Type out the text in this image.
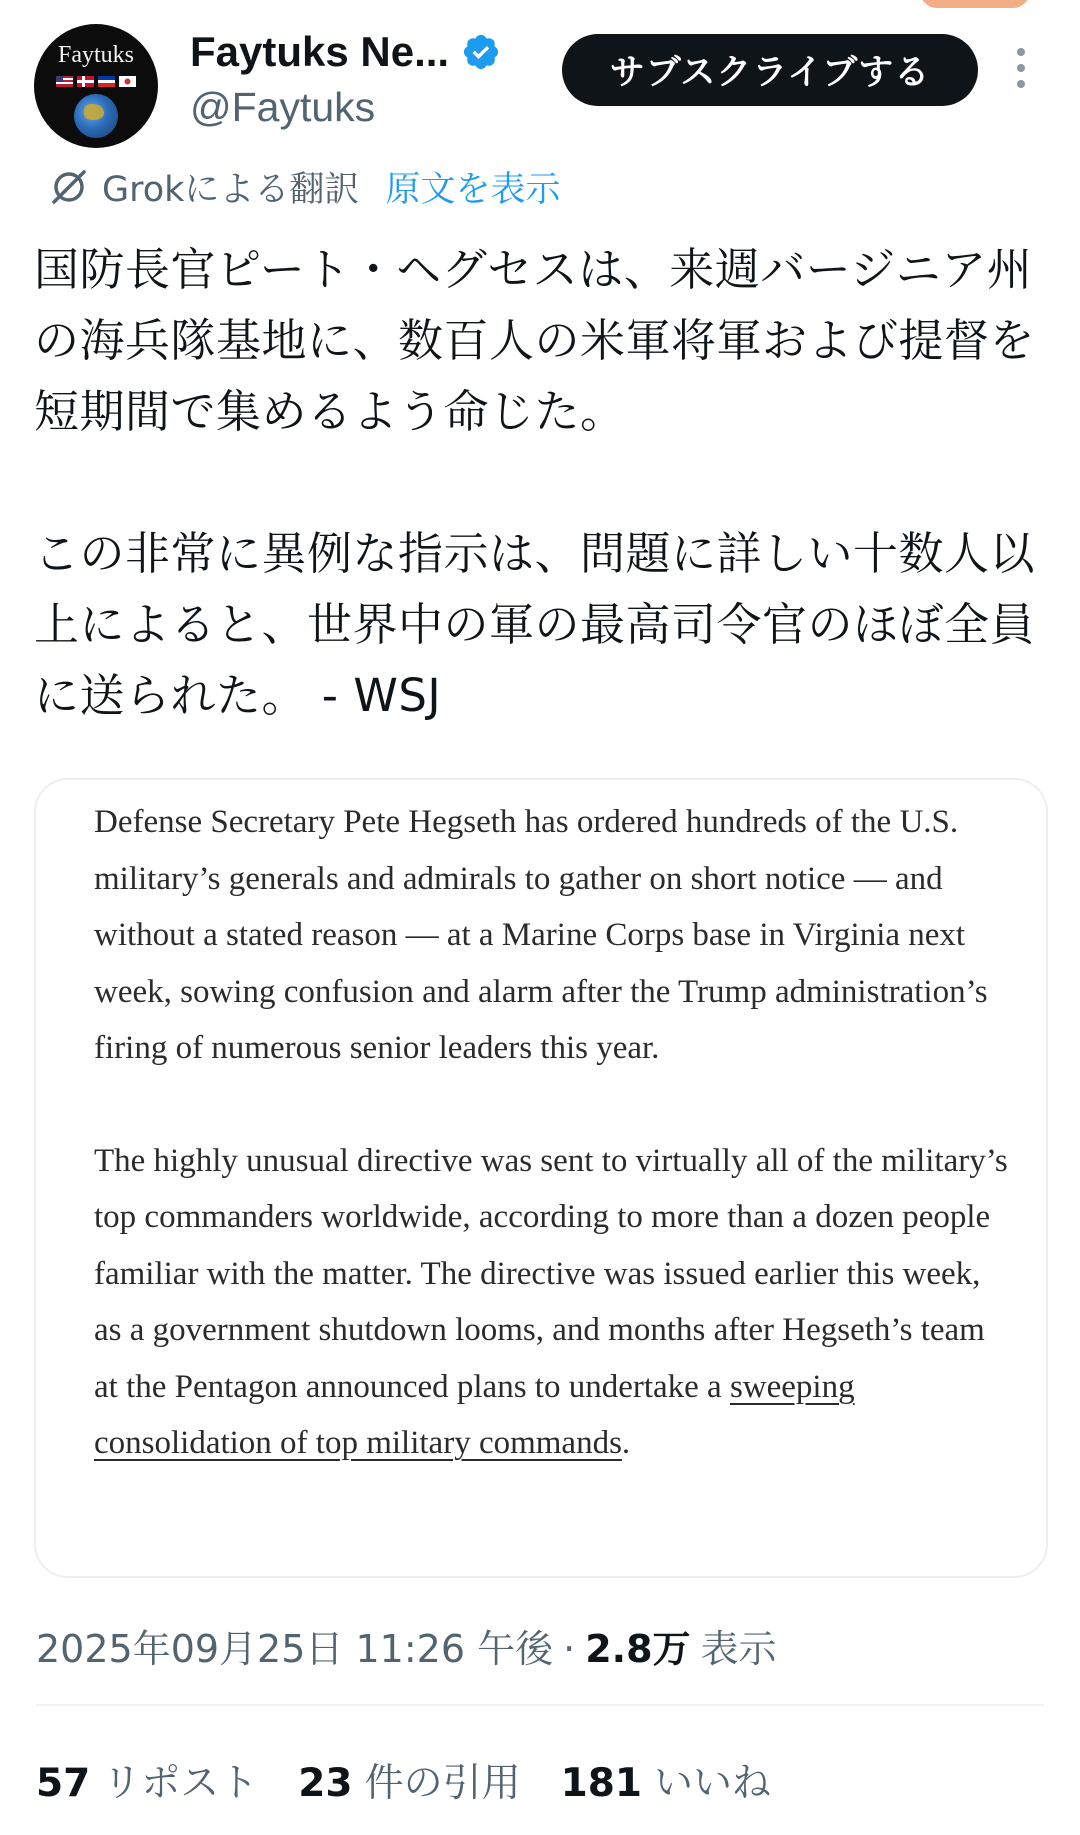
Faytuks	Faytuks Ne...
@Faytuks
サブスクライブする
Grokによる翻訳 原文を表示

国防長官ピート・ヘグセスは、来週バージニア州の海兵隊基地に、数百人の米軍将軍および提督を短期間で集めるよう命じた。

この非常に異例な指示は、問題に詳しい十数人以上によると、世界中の軍の最高司令官のほぼ全員に送られた。 - WSJ

Defense Secretary Pete Hegseth has ordered hundreds of the U.S. military’s generals and admirals to gather on short notice — and without a stated reason — at a Marine Corps base in Virginia next week, sowing confusion and alarm after the Trump administration’s firing of numerous senior leaders this year.

The highly unusual directive was sent to virtually all of the military’s top commanders worldwide, according to more than a dozen people familiar with the matter. The directive was issued earlier this week, as a government shutdown looms, and months after Hegseth’s team at the Pentagon announced plans to undertake a sweeping consolidation of top military commands.

2025年09月25日 11:26 午後 · 2.8万 表示
57 リポスト 23 件の引用 181 いいね
